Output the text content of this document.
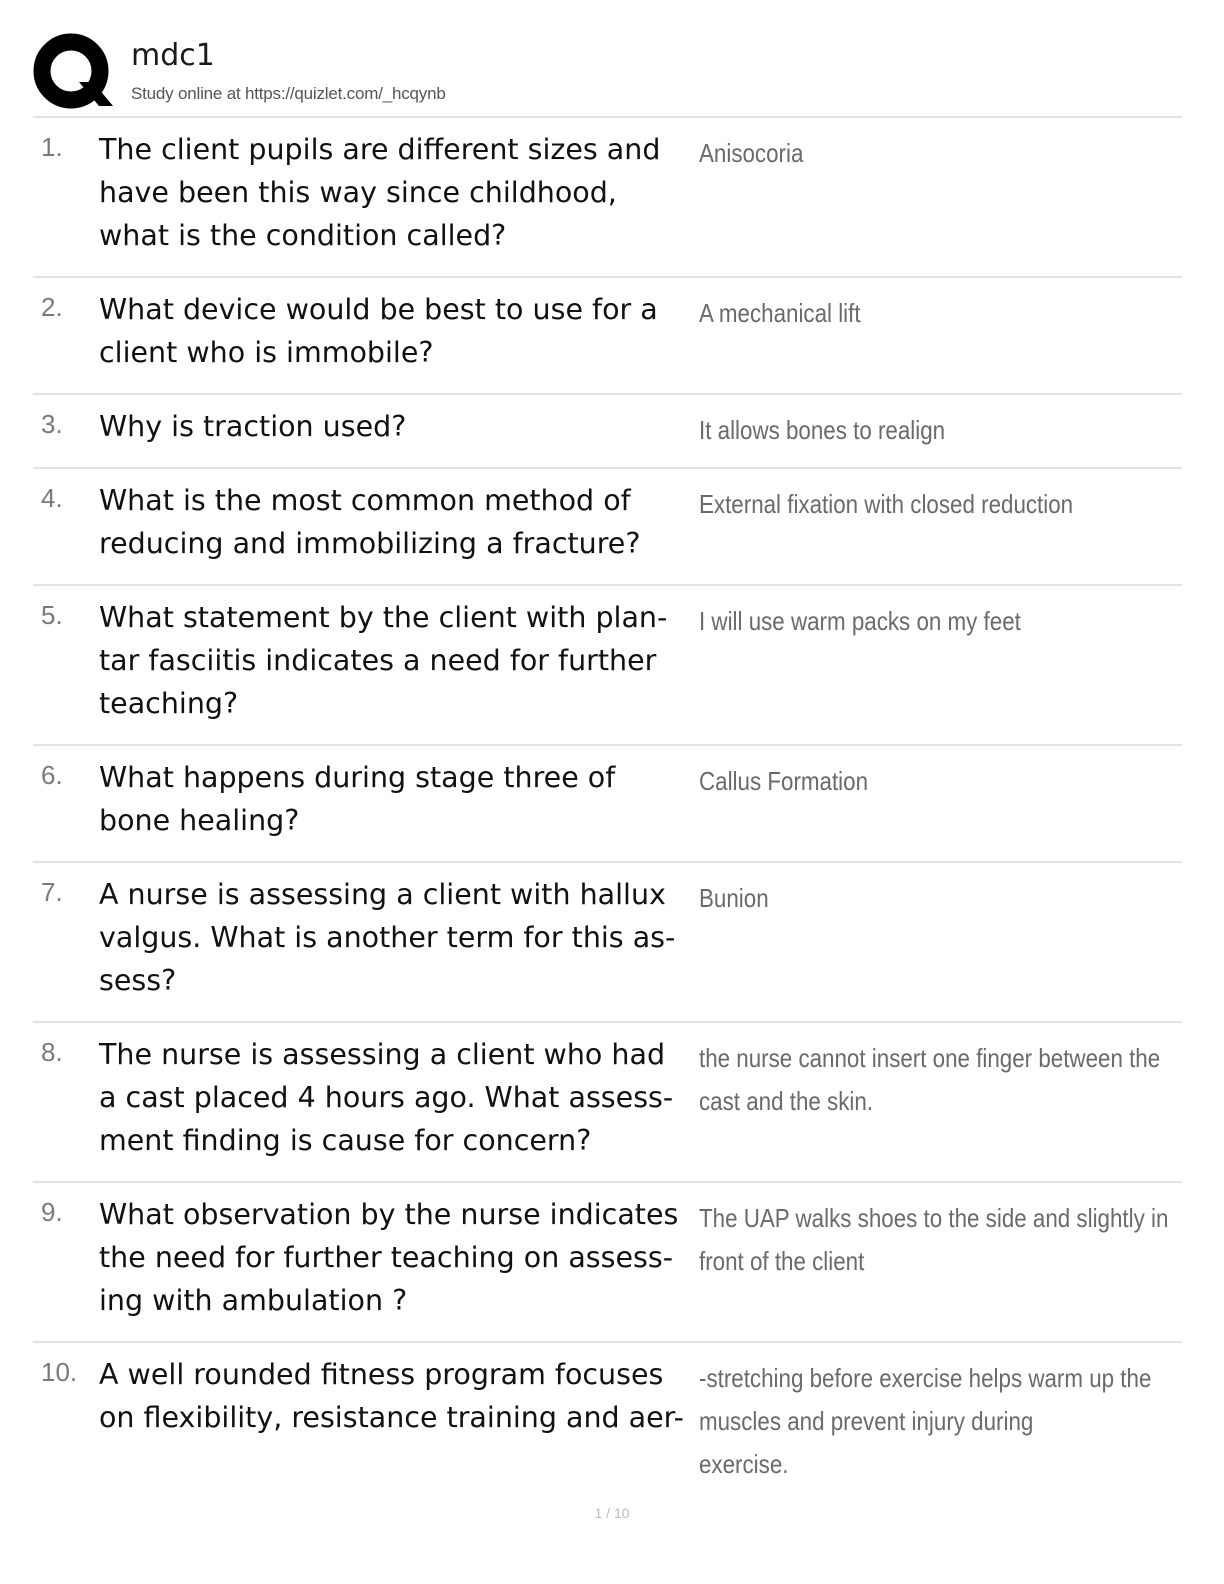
mdc1
Study online at https://quizlet.com/_hcqynb
1. The client pupils are different sizes and
have been this way since childhood,
what is the condition called?
Anisocoria
2. What device would be best to use for a
client who is immobile?
A mechanical lift
3. Why is traction used?	It allows bones to realign
4. What is the most common method of
reducing and immobilizing a fracture?
External fixation with closed reduction
5. What statement by the client with plan-
tar fasciitis indicates a need for further
teaching?
I will use warm packs on my feet
6. What happens during stage three of
bone healing?
Callus Formation
7. A nurse is assessing a client with hallux
valgus. What is another term for this as-
sess?
Bunion
8. The nurse is assessing a client who had
a cast placed 4 hours ago. What assess-
ment finding is cause for concern?
the nurse cannot insert one finger between the
cast and the skin.
9. What observation by the nurse indicates
the need for further teaching on assess-
ing with ambulation ?
The UAP walks shoes to the side and slightly in
front of the client
10. A well rounded fitness program focuses
on flexibility, resistance training and aer-
-stretching before exercise helps warm up the
muscles and prevent injury during
exercise.
1 / 10
